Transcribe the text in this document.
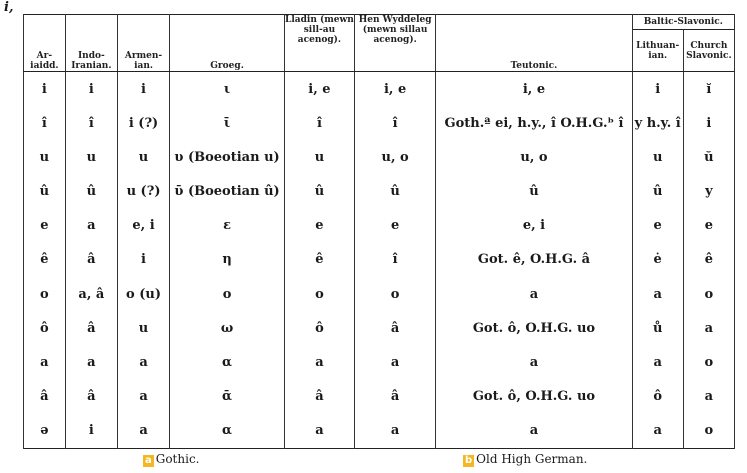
i,
Ar-iaidd.	Indo-Iranian.	Armen-ian.	Groeg.	Lladin (mewn sill-au acenog).	Hen Wyddeleg (mewn sillau acenog).	Teutonic.	Baltic-Slavonic.	
							Lithuan-ian.	Church Slavonic.
i	i	i	ι	i, e	i, e	i, e	i	ĭ
î	î	i (?)	ῑ	î	î	Goth.ª ei, h.y., î O.H.G.ᵇ î	y h.y. î	i
u	u	u	υ (Boeotian u)	u	u, o	u, o	u	ŭ
û	û	u (?)	ῡ (Boeotian û)	û	û	û	û	y
e	a	e, i	ε	e	e	e, i	e	e
ê	â	i	η	ê	î	Got. ê, O.H.G. â	ė	ê
o	a, â	o (u)	ο	o	o	a	a	o
ô	â	u	ω	ô	â	Got. ô, O.H.G. uo	ů	a
a	a	a	α	a	a	a	a	o
â	â	a	ᾱ	â	â	Got. ô, O.H.G. uo	ô	a
ə	i	a	α	a	a	a	a	o
a Gothic.	b Old High German.
